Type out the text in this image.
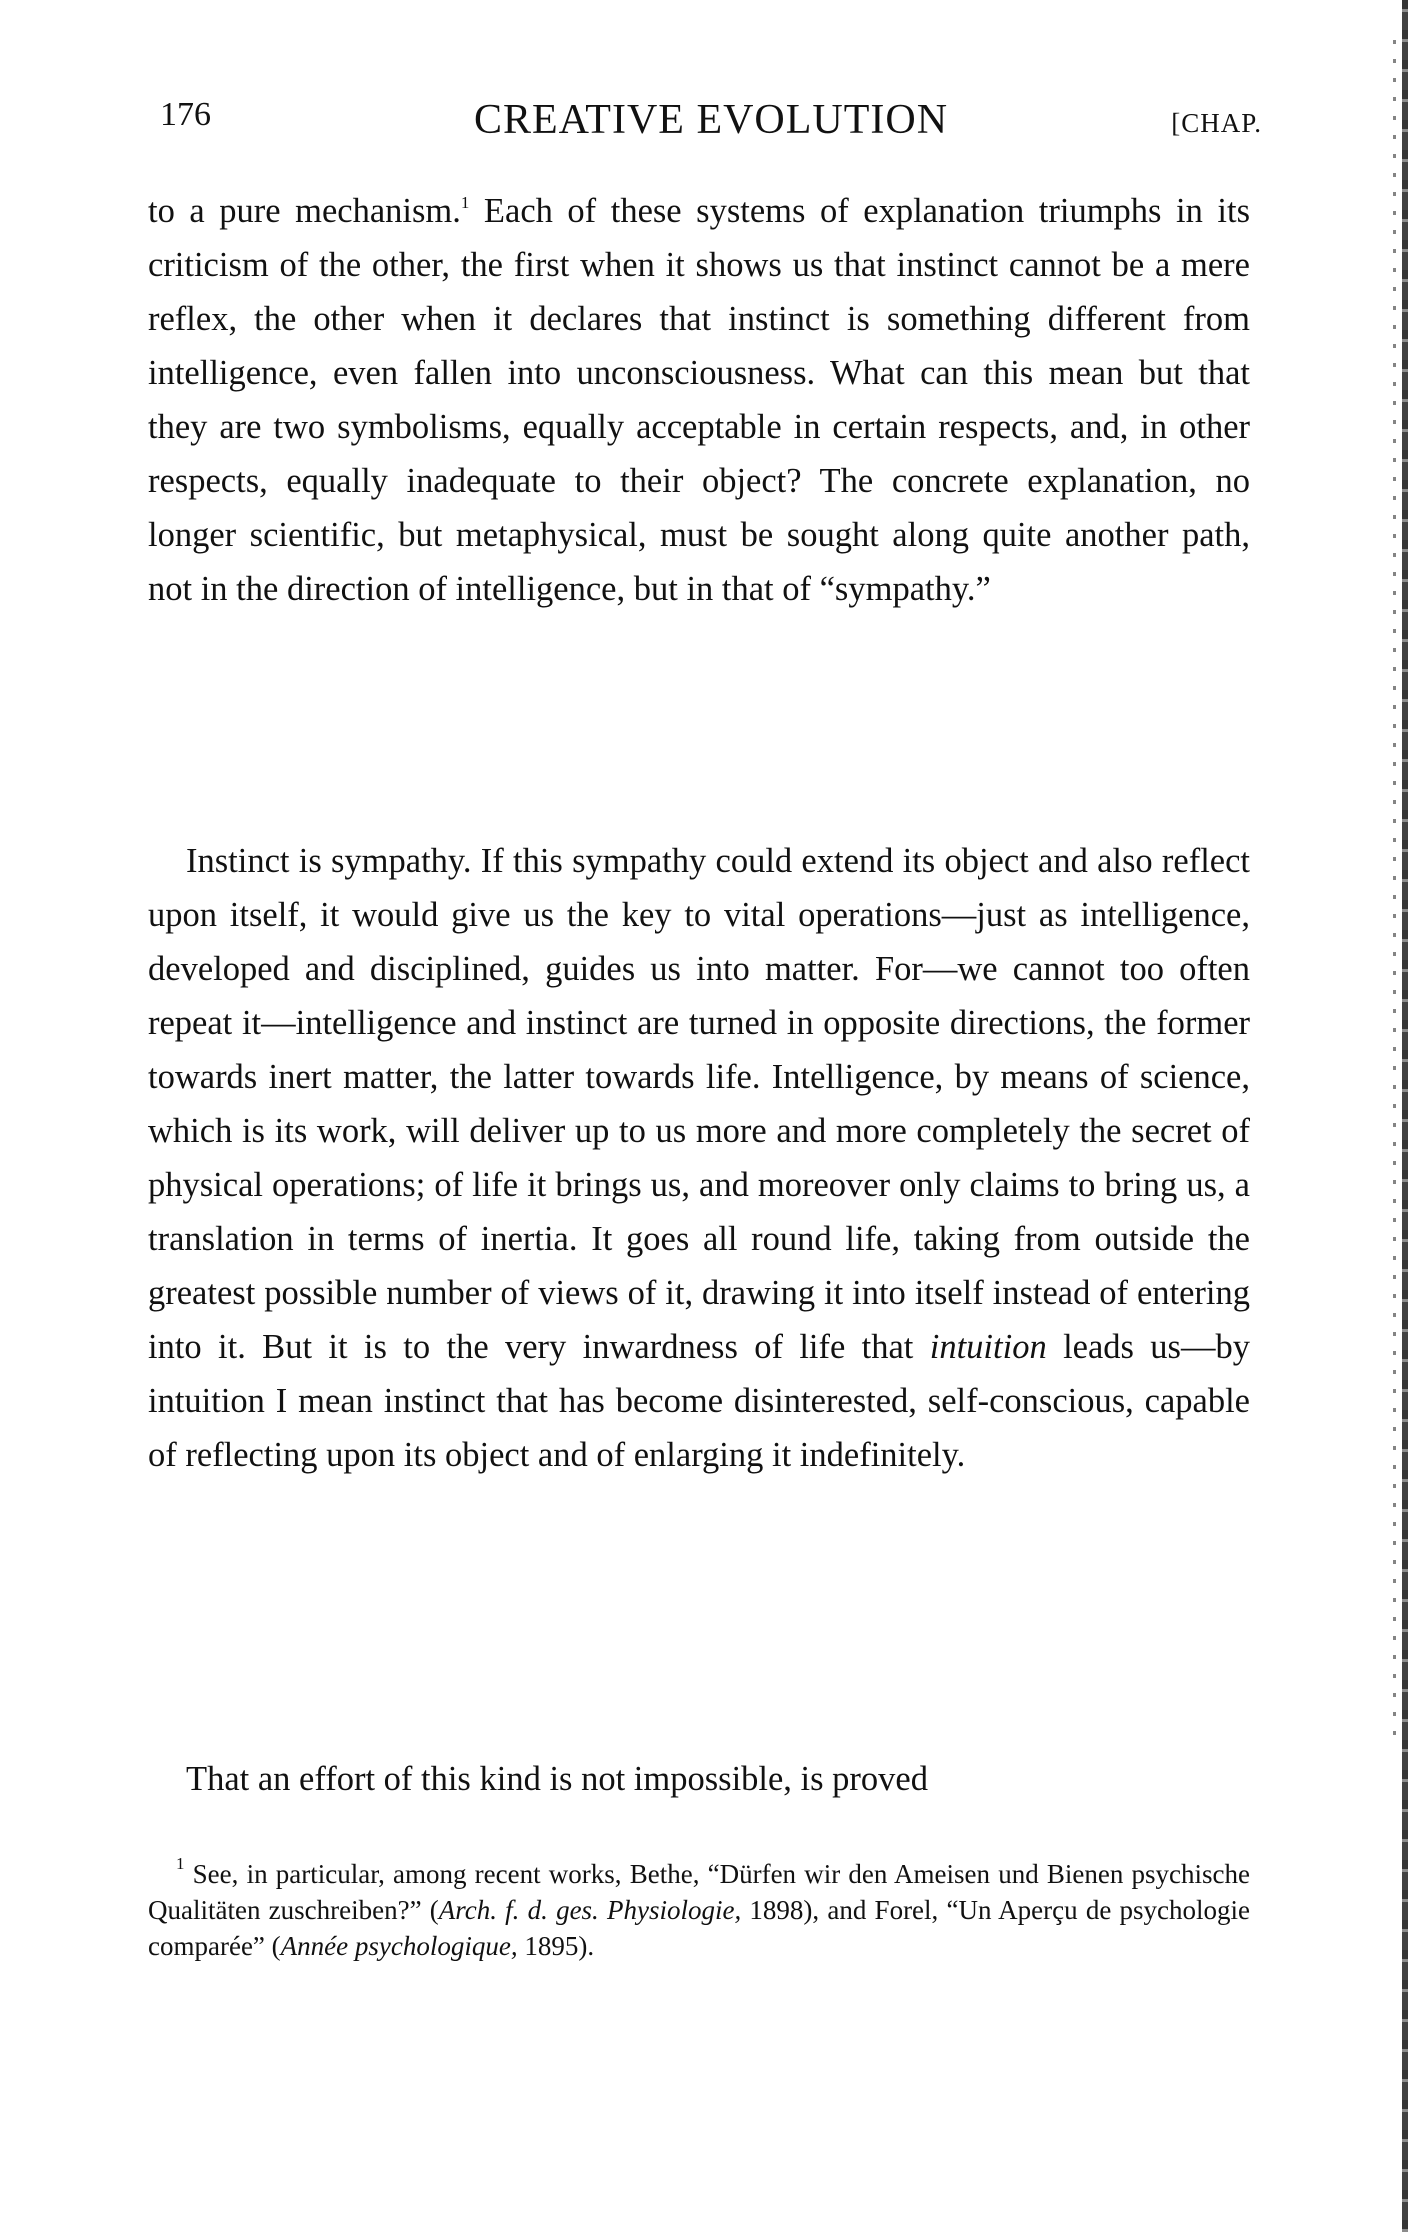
176	CREATIVE EVOLUTION	[CHAP.

to a pure mechanism.$^1$ Each of these systems of explanation triumphs in its criticism of the other, the first when it shows us that instinct cannot be a mere reflex, the other when it declares that instinct is something different from intelligence, even fallen into unconsciousness. What can this mean but that they are two symbolisms, equally acceptable in certain respects, and, in other respects, equally inadequate to their object? The concrete explanation, no longer scientific, but metaphysical, must be sought along quite another path, not in the direction of intelligence, but in that of “sympathy.”

Instinct is sympathy. If this sympathy could extend its object and also reflect upon itself, it would give us the key to vital operations—just as intelligence, developed and disciplined, guides us into matter. For—we cannot too often repeat it—intelligence and instinct are turned in opposite directions, the former towards inert matter, the latter towards life. Intelligence, by means of science, which is its work, will deliver up to us more and more completely the secret of physical operations; of life it brings us, and moreover only claims to bring us, a translation in terms of inertia. It goes all round life, taking from outside the greatest possible number of views of it, drawing it into itself instead of entering into it. But it is to the very inwardness of life that intuition leads us—by intuition I mean instinct that has become disinterested, self-conscious, capable of reflecting upon its object and of enlarging it indefinitely.

That an effort of this kind is not impossible, is proved

$^1$ See, in particular, among recent works, Bethe, “Dürfen wir den Ameisen und Bienen psychische Qualitäten zuschreiben?” (Arch. f. d. ges. Physiologie, 1898), and Forel, “Un Aperçu de psychologie comparée” (Année psychologique, 1895).
